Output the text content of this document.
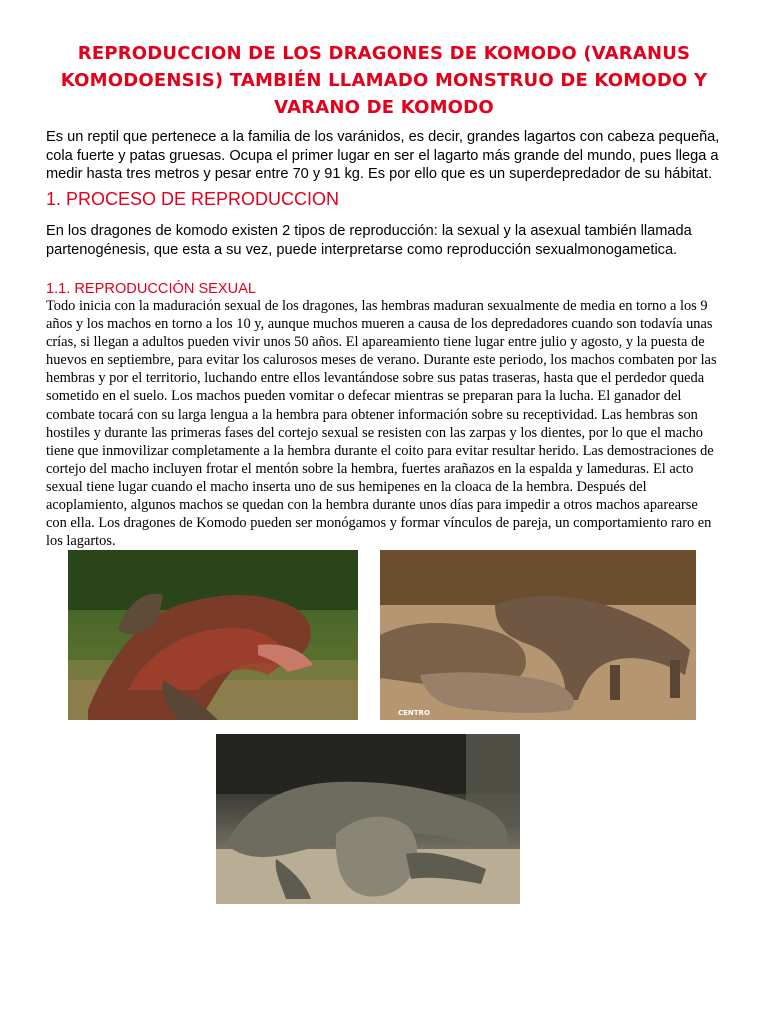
REPRODUCCION DE LOS DRAGONES DE KOMODO (VARANUS KOMODOENSIS) TAMBIÉN LLAMADO MONSTRUO DE KOMODO Y VARANO DE KOMODO

Es un reptil que pertenece a la familia de los varánidos, es decir, grandes lagartos con cabeza pequeña, cola fuerte y patas gruesas. Ocupa el primer lugar en ser el lagarto más grande del mundo, pues llega a medir hasta tres metros y pesar entre 70 y 91 kg. Es por ello que es un superdepredador de su hábitat.

1. PROCESO DE REPRODUCCION

En los dragones de komodo existen 2 tipos de reproducción: la sexual y la asexual también llamada partenogénesis, que esta a su vez, puede interpretarse como reproducción sexualmonogametica.

1.1. REPRODUCCIÓN SEXUAL

Todo inicia con la maduración sexual de los dragones, las hembras maduran sexualmente de media en torno a los 9 años y los machos en torno a los 10 y, aunque muchos mueren a causa de los depredadores cuando son todavía unas crías, si llegan a adultos pueden vivir unos 50 años. El apareamiento tiene lugar entre julio y agosto, y la puesta de huevos en septiembre, para evitar los calurosos meses de verano. Durante este periodo, los machos combaten por las hembras y por el territorio, luchando entre ellos levantándose sobre sus patas traseras, hasta que el perdedor queda sometido en el suelo. Los machos pueden vomitar o defecar mientras se preparan para la lucha. El ganador del combate tocará con su larga lengua a la hembra para obtener información sobre su receptividad. Las hembras son hostiles y durante las primeras fases del cortejo sexual se resisten con las zarpas y los dientes, por lo que el macho tiene que inmovilizar completamente a la hembra durante el coito para evitar resultar herido. Las demostraciones de cortejo del macho incluyen frotar el mentón sobre la hembra, fuertes arañazos en la espalda y lameduras. El acto sexual tiene lugar cuando el macho inserta uno de sus hemipenes en la cloaca de la hembra. Después del acoplamiento, algunos machos se quedan con la hembra durante unos días para impedir a otros machos aparearse con ella. Los dragones de Komodo pueden ser monógamos y formar vínculos de pareja, un comportamiento raro en los lagartos.

CENTRO
